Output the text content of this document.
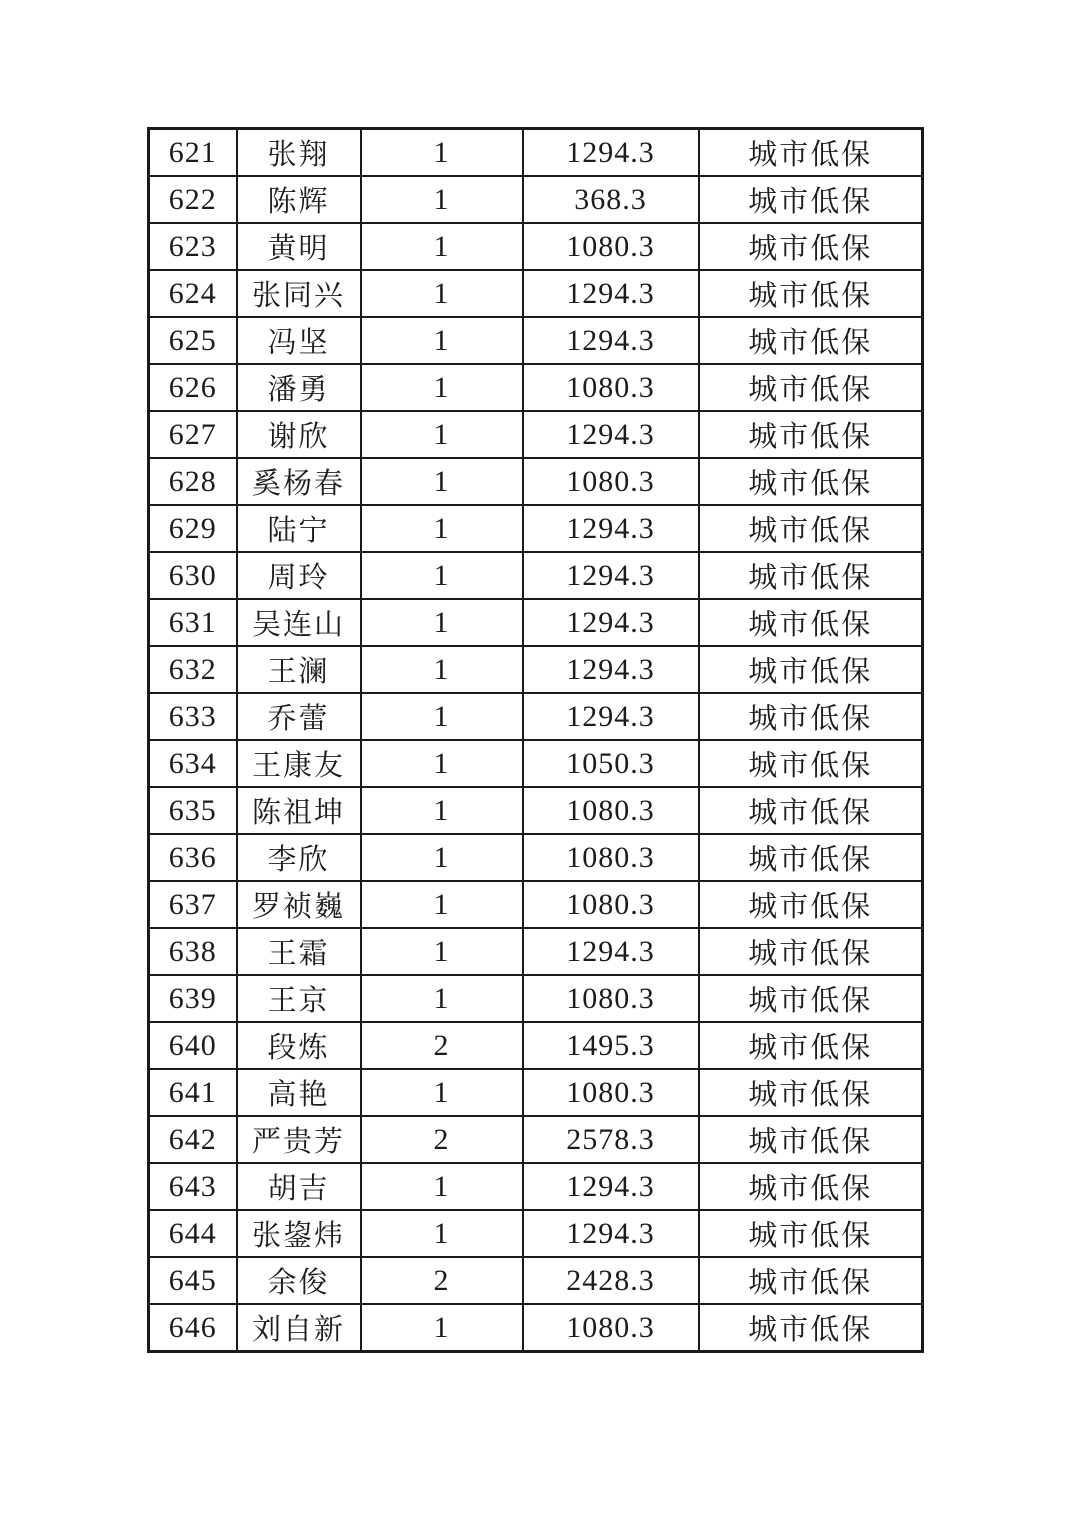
621	张翔	1	1294.3	城市低保
622	陈辉	1	368.3	城市低保
623	黄明	1	1080.3	城市低保
624	张同兴	1	1294.3	城市低保
625	冯坚	1	1294.3	城市低保
626	潘勇	1	1080.3	城市低保
627	谢欣	1	1294.3	城市低保
628	奚杨春	1	1080.3	城市低保
629	陆宁	1	1294.3	城市低保
630	周玲	1	1294.3	城市低保
631	吴连山	1	1294.3	城市低保
632	王澜	1	1294.3	城市低保
633	乔蕾	1	1294.3	城市低保
634	王康友	1	1050.3	城市低保
635	陈祖坤	1	1080.3	城市低保
636	李欣	1	1080.3	城市低保
637	罗祯巍	1	1080.3	城市低保
638	王霜	1	1294.3	城市低保
639	王京	1	1080.3	城市低保
640	段炼	2	1495.3	城市低保
641	高艳	1	1080.3	城市低保
642	严贵芳	2	2578.3	城市低保
643	胡吉	1	1294.3	城市低保
644	张鋆炜	1	1294.3	城市低保
645	余俊	2	2428.3	城市低保
646	刘自新	1	1080.3	城市低保
